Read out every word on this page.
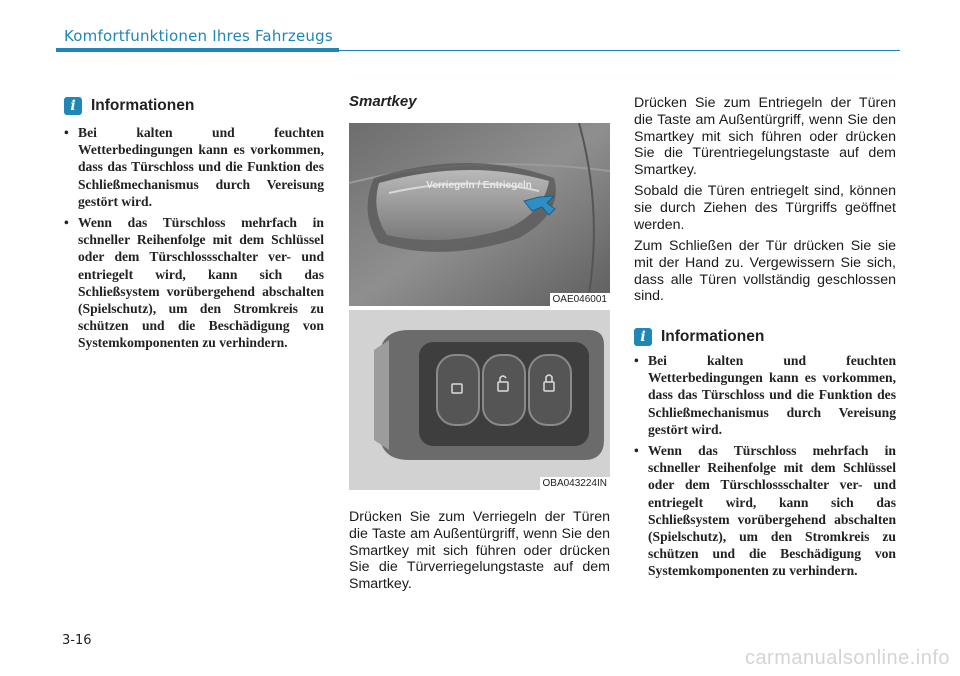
Komfortfunktionen Ihres Fahrzeugs
i Informationen
• Bei kalten und feuchten Wetterbedingungen kann es vorkommen, dass das Türschloss und die Funktion des Schließmechanismus durch Vereisung gestört wird.
• Wenn das Türschloss mehrfach in schneller Reihenfolge mit dem Schlüssel oder dem Türschlossschalter ver- und entriegelt wird, kann sich das Schließsystem vorübergehend abschalten (Spielschutz), um den Stromkreis zu schützen und die Beschädigung von Systemkomponenten zu verhindern.
Smartkey
Verriegeln / Entriegeln
OAE046001
OBA043224IN

Drücken Sie zum Verriegeln der Türen die Taste am Außentürgriff, wenn Sie den Smartkey mit sich führen oder drücken Sie die Türverriegelungstaste auf dem Smartkey.

Drücken Sie zum Entriegeln der Türen die Taste am Außentürgriff, wenn Sie den Smartkey mit sich führen oder drücken Sie die Türentriegelungstaste auf dem Smartkey.

Sobald die Türen entriegelt sind, können sie durch Ziehen des Türgriffs geöffnet werden.

Zum Schließen der Tür drücken Sie sie mit der Hand zu. Vergewissern Sie sich, dass alle Türen vollständig geschlossen sind.

i Informationen
• Bei kalten und feuchten Wetterbedingungen kann es vorkommen, dass das Türschloss und die Funktion des Schließmechanismus durch Vereisung gestört wird.
• Wenn das Türschloss mehrfach in schneller Reihenfolge mit dem Schlüssel oder dem Türschlossschalter ver- und entriegelt wird, kann sich das Schließsystem vorübergehend abschalten (Spielschutz), um den Stromkreis zu schützen und die Beschädigung von Systemkomponenten zu verhindern.
3-16
carmanualsonline.info
